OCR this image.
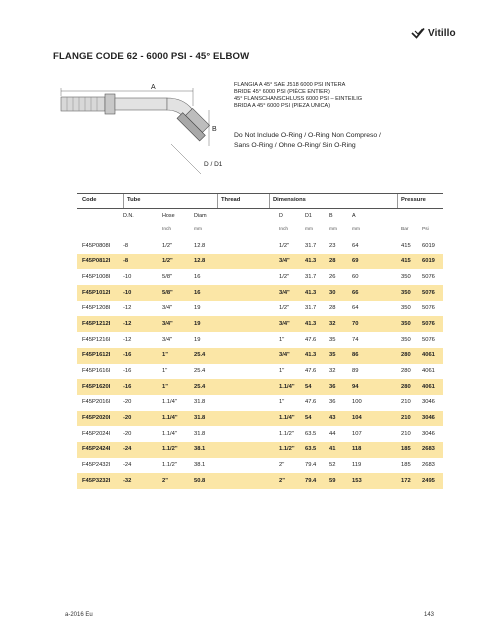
Vitillo
FLANGE CODE 62 - 6000 PSI - 45° ELBOW
A
B
D / D1
FLANGIA A 45° SAE J518 6000 PSI INTERA
BRIDE 45° 6000 PSI (PIÈCE ENTIER)
45° FLANSCHANSCHLUSS 6000 PSI – EINTEILIG
BRIDA A 45° 6000 PSI (PIEZA UNICA)
Do Not Include O-Ring / O-Ring Non Compreso /
Sans O-Ring / Ohne O-Ring/ Sin O-Ring
Code	Tube	Thread	Dimensions	Pressure
D.N.	Hose	Diam	D	D1	B	A
Inch	mm	Inch	mm	mm	mm	Bar	Psi
F45P0808I -8	1/2"	12.8	1/2"	31.7 23	64	415 6019
F45P0812I -8	1/2"	12.8	3/4"	41.3 28	69	415 6019
F45P1008I -10	5/8"	16	1/2"	31.7 26	60	350 5076
F45P1012I -10	5/8"	16	3/4"	41.3 30	66	350 5076
F45P1208I -12	3/4"	19	1/2"	31.7 28	64	350 5076
F45P1212I -12	3/4"	19	3/4"	41.3 32	70	350 5076
F45P1216I -12	3/4"	19	1"	47.6 35	74	350 5076
F45P1612I -16	1"	25.4	3/4"	41.3 35	86	280 4061
F45P1616I -16	1"	25.4	1"	47.6 32	89	280 4061
F45P1620I -16	1"	25.4	1.1/4" 54	36	94	280 4061
F45P2016I -20	1.1/4"	31.8	1"	47.6 36	100	210 3046
F45P2020I -20	1.1/4"	31.8	1.1/4" 54	43	104	210 3046
F45P2024I -20	1.1/4"	31.8	1.1/2" 63.5 44	107	210 3046
F45P2424I -24	1.1/2"	38.1	1.1/2" 63.5 41	118	185 2683
F45P2432I -24	1.1/2"	38.1	2"	79.4 52	119	185 2683
F45P3232I -32	2"	50.8	2"	79.4 59	153	172 2495
a-2016 Eu	143
